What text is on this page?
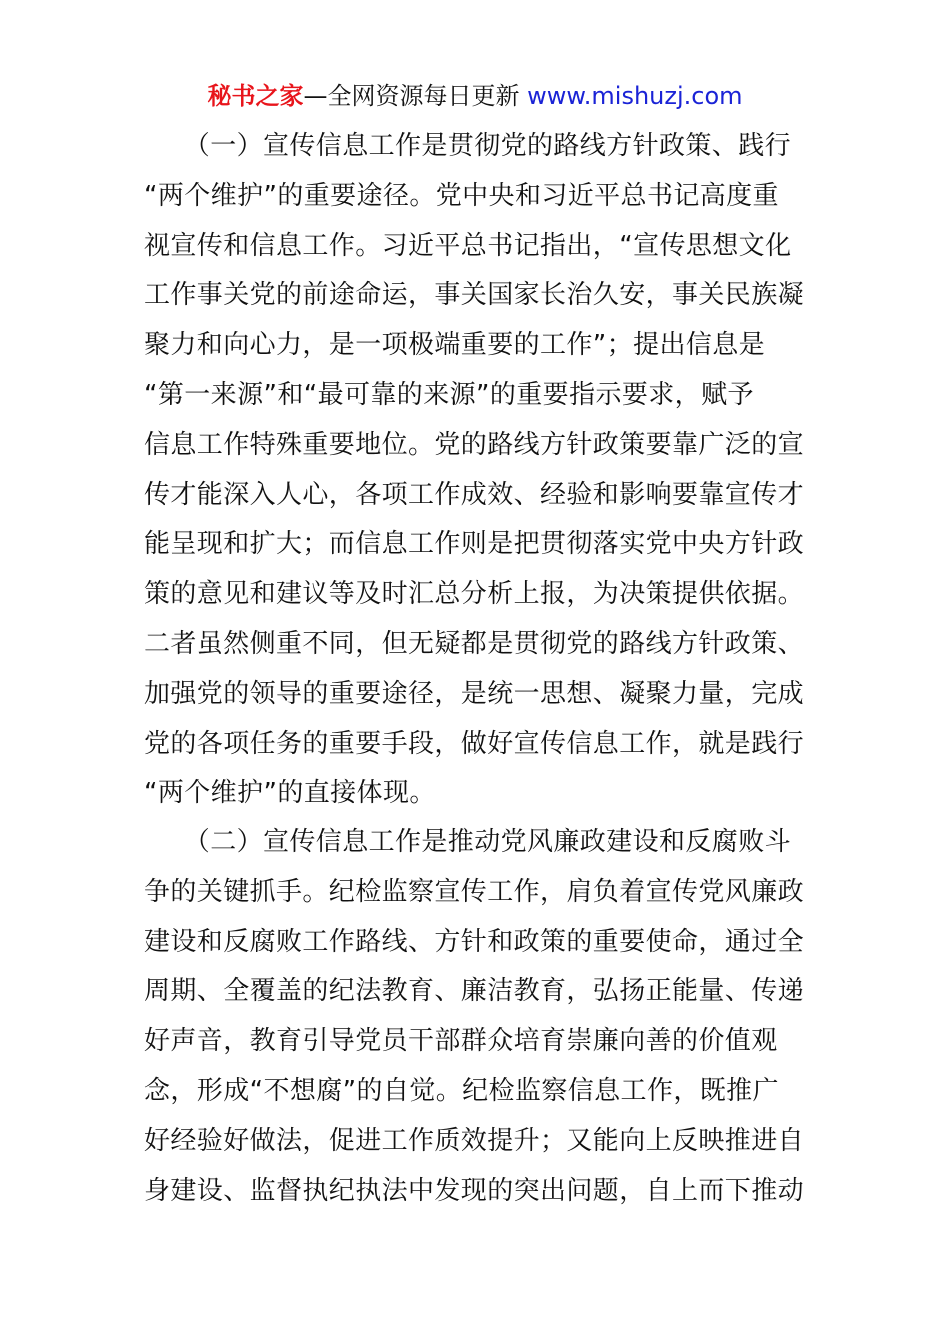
秘书之家—全网资源每日更新 www.mishuzj.com
　　（一）宣传信息工作是贯彻党的路线方针政策、践行
“两个维护”的重要途径。党中央和习近平总书记高度重
视宣传和信息工作。习近平总书记指出，“宣传思想文化
工作事关党的前途命运，事关国家长治久安，事关民族凝
聚力和向心力，是一项极端重要的工作”；提出信息是
“第一来源”和“最可靠的来源”的重要指示要求，赋予
信息工作特殊重要地位。党的路线方针政策要靠广泛的宣
传才能深入人心，各项工作成效、经验和影响要靠宣传才
能呈现和扩大；而信息工作则是把贯彻落实党中央方针政
策的意见和建议等及时汇总分析上报，为决策提供依据。
二者虽然侧重不同，但无疑都是贯彻党的路线方针政策、
加强党的领导的重要途径，是统一思想、凝聚力量，完成
党的各项任务的重要手段，做好宣传信息工作，就是践行
“两个维护”的直接体现。
　　（二）宣传信息工作是推动党风廉政建设和反腐败斗
争的关键抓手。纪检监察宣传工作，肩负着宣传党风廉政
建设和反腐败工作路线、方针和政策的重要使命，通过全
周期、全覆盖的纪法教育、廉洁教育，弘扬正能量、传递
好声音，教育引导党员干部群众培育崇廉向善的价值观
念，形成“不想腐”的自觉。纪检监察信息工作，既推广
好经验好做法，促进工作质效提升；又能向上反映推进自
身建设、监督执纪执法中发现的突出问题，自上而下推动
